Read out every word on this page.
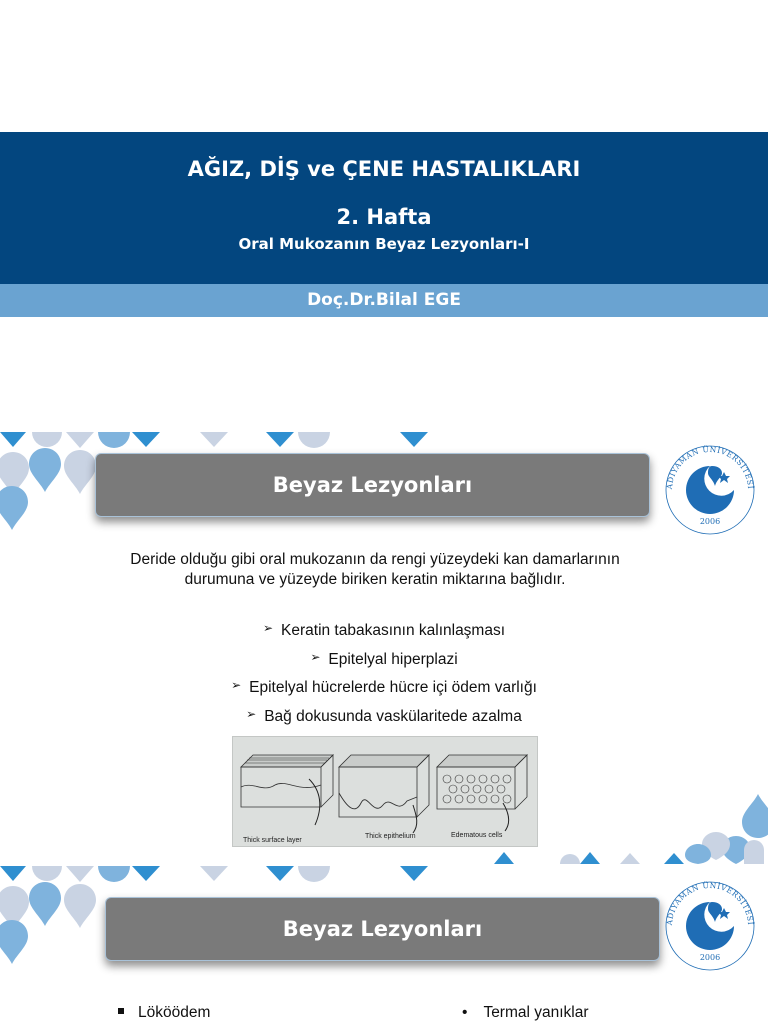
AĞIZ, DİŞ ve ÇENE HASTALIKLARI
2. Hafta
Oral Mukozanın Beyaz Lezyonları-I
Doç.Dr.Bilal EGE
Beyaz Lezyonları	ADIYAMAN ÜNİVERSİTESİ
2006
Deride olduğu gibi oral mukozanın da rengi yüzeydeki kan damarlarının durumuna ve yüzeyde biriken keratin miktarına bağlıdır.
➢ Keratin tabakasının kalınlaşması
➢ Epitelyal hiperplazi
➢ Epitelyal hücrelerde hücre içi ödem varlığı
➢ Bağ dokusunda vaskülaritede azalma
Thick surface layer
Thick epithelium	Edematous cells
Beyaz Lezyonları	ADIYAMAN ÜNİVERSİTESİ
2006
Lököödem	• Termal yanıklar
